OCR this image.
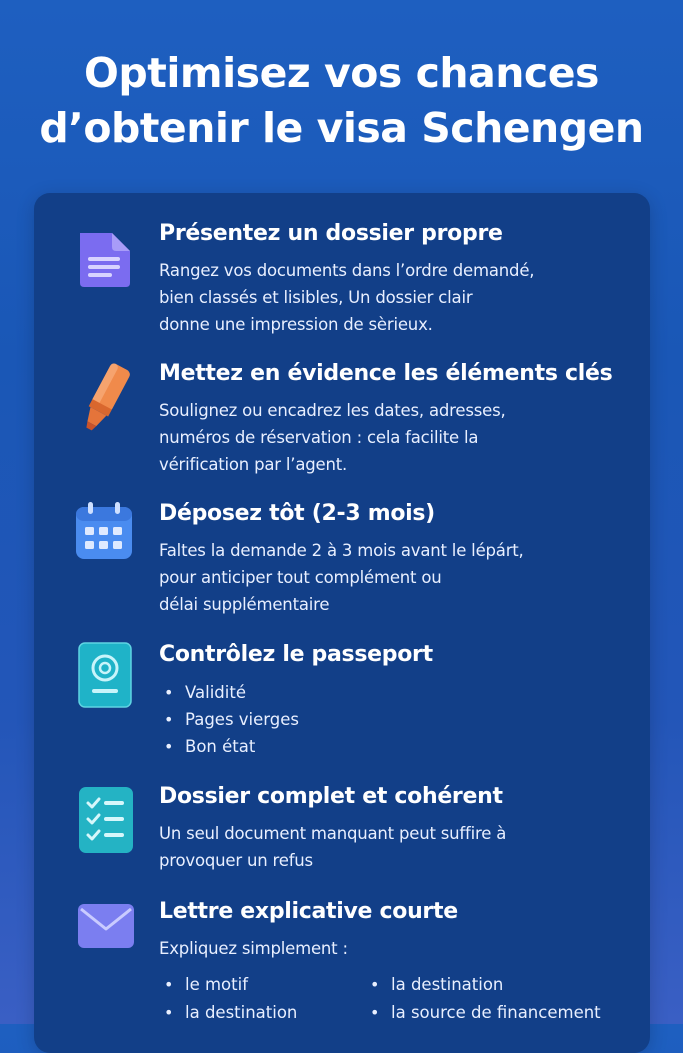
Optimisez vos chances
d’obtenir le visa Schengen
Présentez un dossier propre
Rangez vos documents dans l’ordre demandé,
bien classés et lisibles, Un dossier clair
donne une impression de sèrieux.
Mettez en évidence les éléments clés
Soulignez ou encadrez les dates, adresses,
numéros de réservation : cela facilite la
vérification par l’agent.
Déposez tôt (2-3 mois)
Faltes la demande 2 à 3 mois avant le lépárt,
pour anticiper tout complément ou
délai supplémentaire
Contrôlez le passeport
• Validité
• Pages vierges
• Bon état
Dossier complet et cohérent
Un seul document manquant peut suffire à
provoquer un refus
Lettre explicative courte
Expliquez simplement :
• le motif
• la destination
• la destination
• la source de financement
